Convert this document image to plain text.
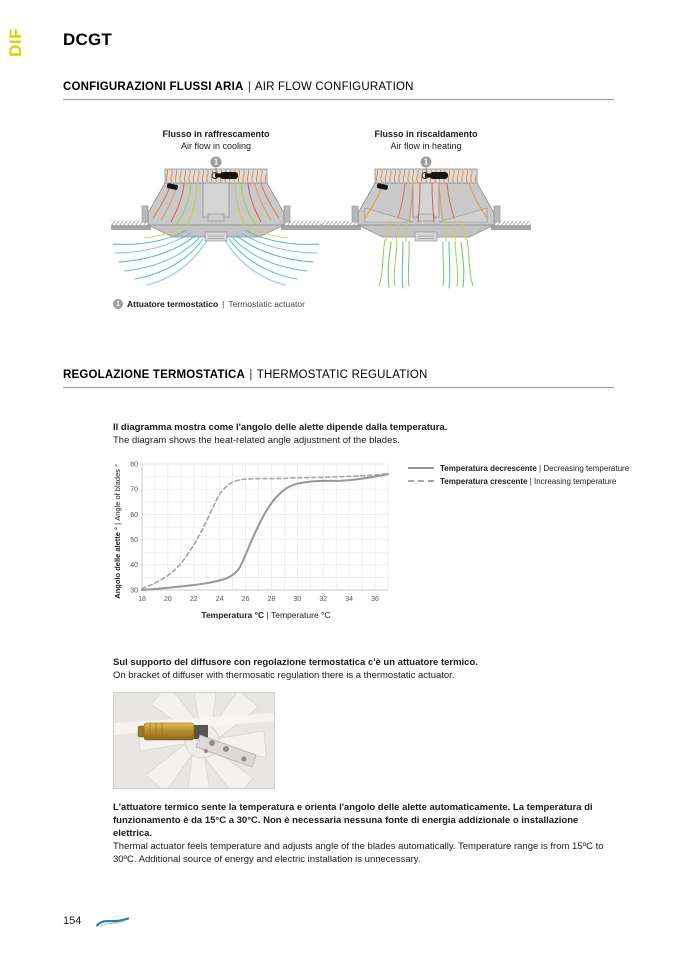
DIF DCGT
CONFIGURAZIONI FLUSSI ARIA | AIR FLOW CONFIGURATION
Flusso in raffrescamento
Air flow in cooling
1
Flusso in riscaldamento
Air flow in heating
1
1 Attuatore termostatico | Termostatic actuator
REGOLAZIONE TERMOSTATICA | THERMOSTATIC REGULATION

Il diagramma mostra come l'angolo delle alette dipende dalla temperatura.
The diagram shows the heat-related angle adjustment of the blades.

Angolo delle alette ° | Angle of blades °
18	20	22	24	26	28	30	32	34	36
30
40
50
60
70
80
Temperatura °C | Temperature °C
Temperatura decrescente | Decreasing temperature
Temperatura crescente | Increasing temperature

Sul supporto del diffusore con regolazione termostatica c'è un attuatore termico.
On bracket of diffuser with thermosatic regulation there is a thermostatic actuator.

L'attuatore termico sente la temperatura e orienta l'angolo delle alette automaticamente. La temperatura di funzionamento è da 15°C a 30°C. Non è necessaria nessuna fonte di energia addizionale o installazione elettrica.
Thermal actuator feels temperature and adjusts angle of the blades automatically. Temperature range is from 15ºC to 30ºC. Additional source of energy and electric installation is unnecessary.

154
